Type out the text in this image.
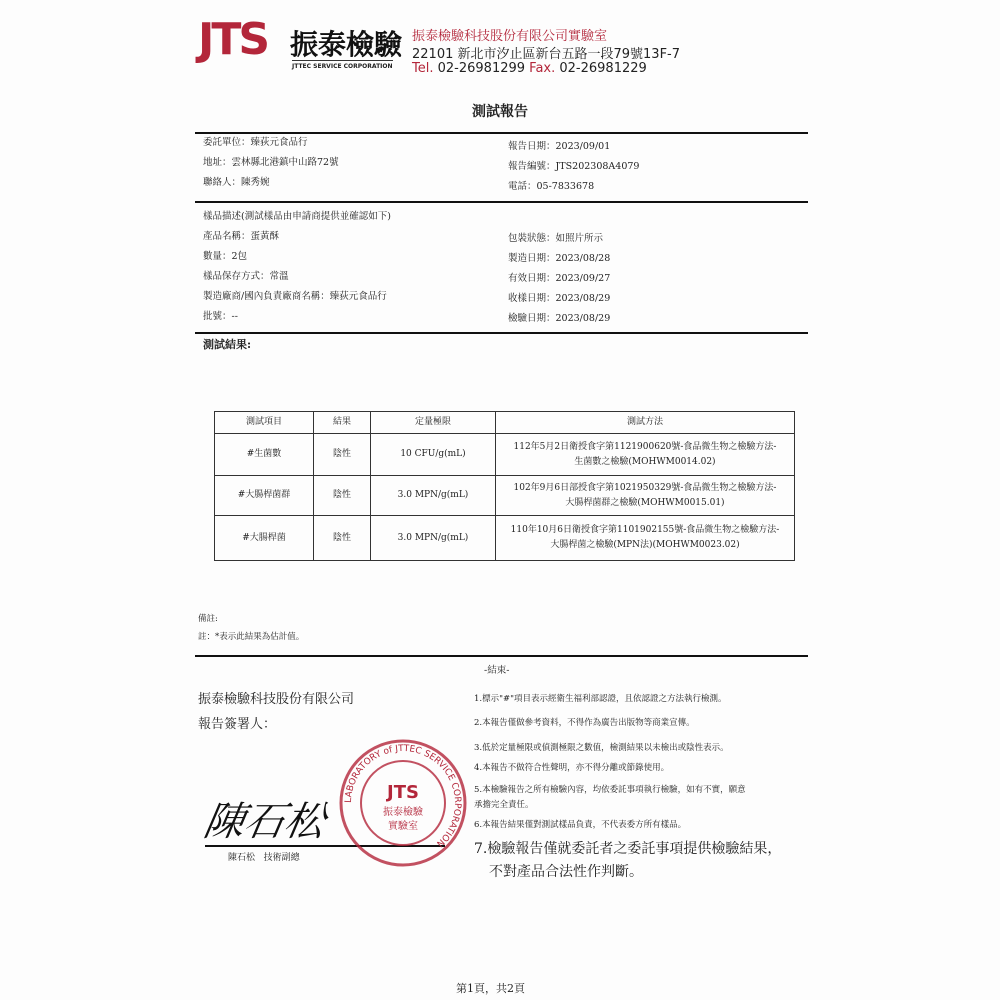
JTS 振泰檢驗
JTTEC SERVICE CORPORATION
振泰檢驗科技股份有限公司實驗室
22101 新北市汐止區新台五路一段79號13F-7
Tel. 02-26981299 Fax. 02-26981229
測試報告
委託單位：臻荻元食品行
地址：雲林縣北港鎮中山路72號
聯絡人：陳秀婉
報告日期：2023/09/01
報告編號：JTS202308A4079
電話：05-7833678
樣品描述(測試樣品由申請商提供並確認如下)
產品名稱：蛋黃酥
數量：2包
樣品保存方式：常溫
製造廠商/國內負責廠商名稱：臻荻元食品行
批號：--
包裝狀態：如照片所示
製造日期：2023/08/28
有效日期：2023/09/27
收樣日期：2023/08/29
檢驗日期：2023/08/29
測試結果:
測試項目	結果	定量極限	測試方法
#生菌數	陰性	10 CFU/g(mL)	112年5月2日衛授食字第1121900620號-食品微生物之檢驗方法-
生菌數之檢驗(MOHWM0014.02)

#大腸桿菌群	陰性	3.0 MPN/g(mL)	102年9月6日部授食字第1021950329號-食品微生物之檢驗方法-
大腸桿菌群之檢驗(MOHWM0015.01)

#大腸桿菌	陰性	3.0 MPN/g(mL)	110年10月6日衛授食字第1101902155號-食品微生物之檢驗方法-
大腸桿菌之檢驗(MPN法)(MOHWM0023.02)
備註:
註：*表示此結果為估計值。
-結束-
振泰檢驗科技股份有限公司
報告簽署人：
陳石松
陳石松 技術副總
LABORATORY of JTTEC SERVICE CORPORATION
JTS
振泰檢驗
實驗室
1.標示"#"項目表示經衛生福利部認證，且依認證之方法執行檢測。
2.本報告僅做參考資料，不得作為廣告出版物等商業宣傳。
3.低於定量極限或偵測極限之數值，檢測結果以未檢出或陰性表示。
4.本報告不做符合性聲明，亦不得分離或節錄使用。
5.本檢驗報告之所有檢驗內容，均依委託事項執行檢驗，如有不實，願意
承擔完全責任。
6.本報告結果僅對測試樣品負責，不代表委方所有樣品。
7.檢驗報告僅就委託者之委託事項提供檢驗結果，
不對產品合法性作判斷。
第1頁，共2頁
